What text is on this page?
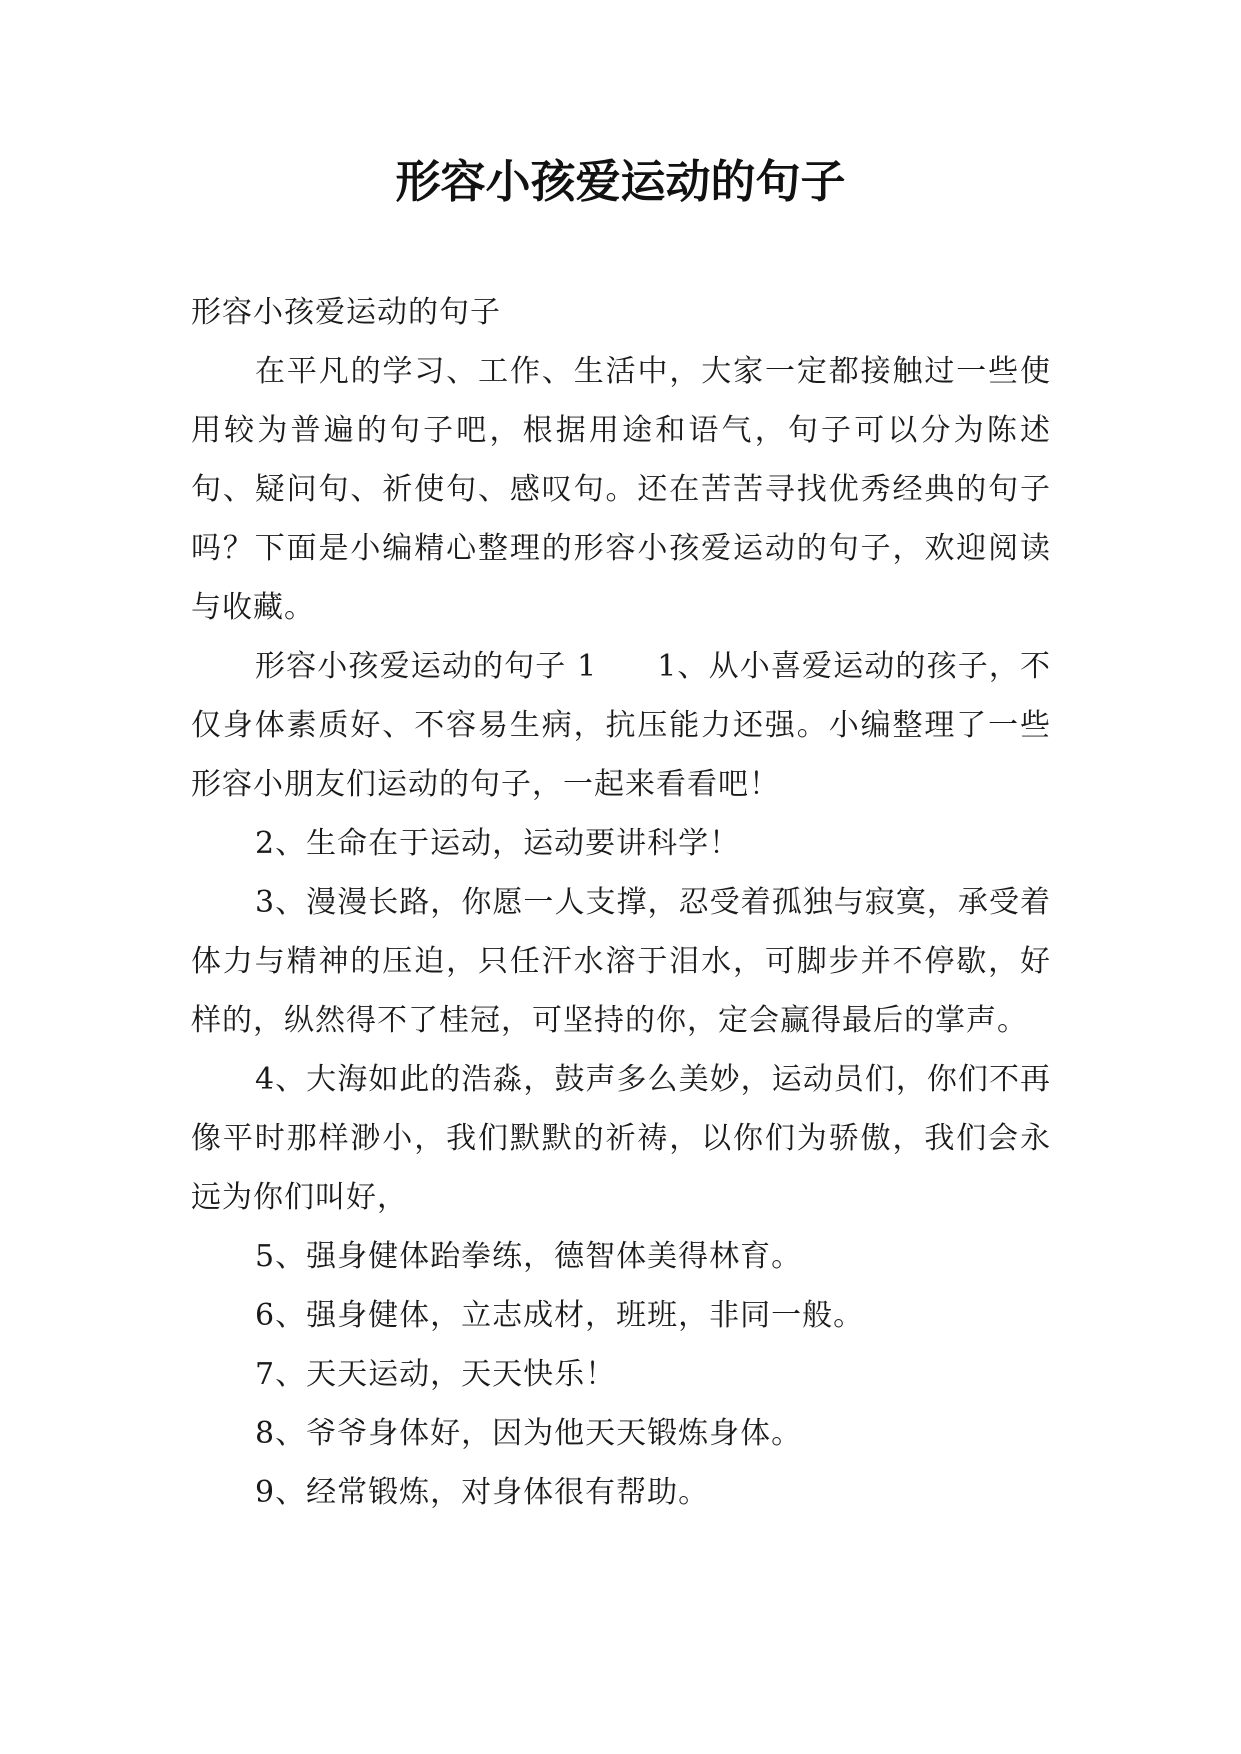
形容小孩爱运动的句子

形容小孩爱运动的句子

在平凡的学习、工作、生活中，大家一定都接触过一些使用较为普遍的句子吧，根据用途和语气，句子可以分为陈述句、疑问句、祈使句、感叹句。还在苦苦寻找优秀经典的句子吗？下面是小编精心整理的形容小孩爱运动的句子，欢迎阅读与收藏。

形容小孩爱运动的句子 1 1、从小喜爱运动的孩子，不仅身体素质好、不容易生病，抗压能力还强。小编整理了一些形容小朋友们运动的句子，一起来看看吧！

2、生命在于运动，运动要讲科学！

3、漫漫长路，你愿一人支撑，忍受着孤独与寂寞，承受着体力与精神的压迫，只任汗水溶于泪水，可脚步并不停歇，好样的，纵然得不了桂冠，可坚持的你，定会赢得最后的掌声。

4、大海如此的浩淼，鼓声多么美妙，运动员们，你们不再像平时那样渺小，我们默默的祈祷，以你们为骄傲，我们会永远为你们叫好，

5、强身健体跆拳练，德智体美得林育。

6、强身健体，立志成材，班班，非同一般。

7、天天运动，天天快乐！

8、爷爷身体好，因为他天天锻炼身体。

9、经常锻炼，对身体很有帮助。
